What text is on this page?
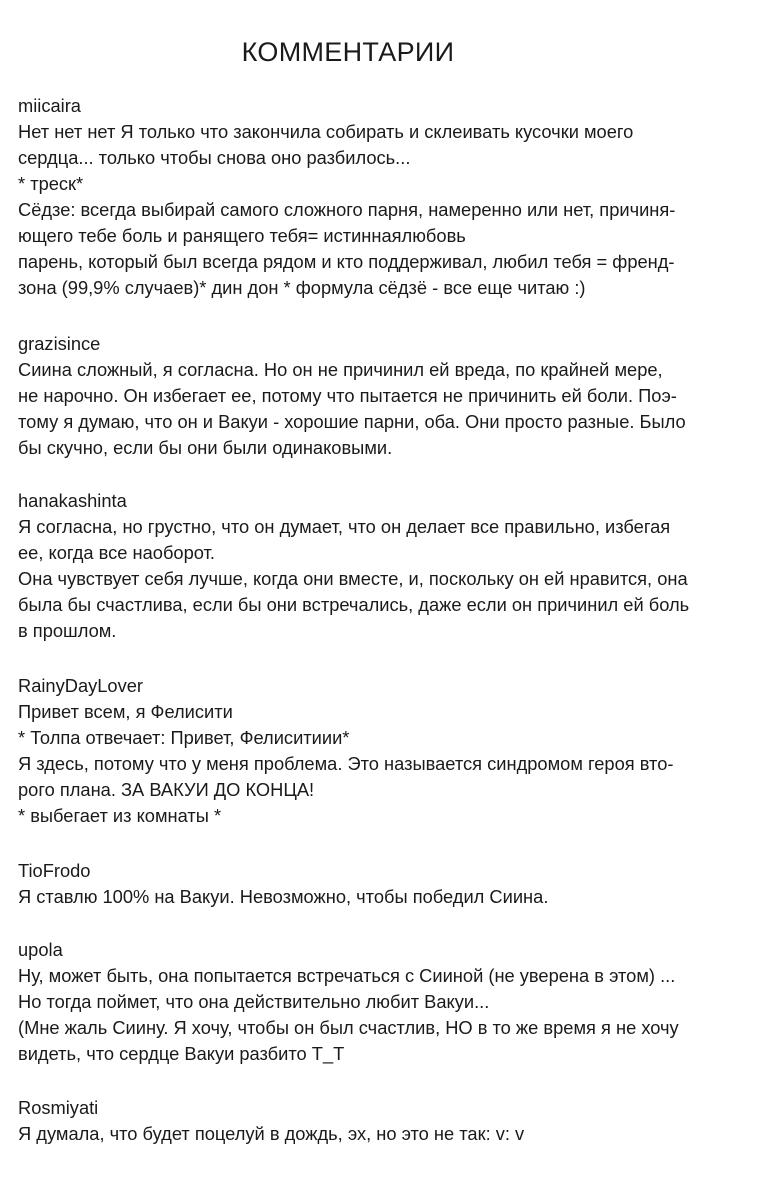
КОММЕНТАРИИ
miicaira
Нет нет нет Я только что закончила собирать и склеивать кусочки моего
сердца... только чтобы снова оно разбилось...
* треск*
Сёдзе: всегда выбирай самого сложного парня, намеренно или нет, причиня-
ющего тебе боль и ранящего тебя= истиннаялюбовь
парень, который был всегда рядом и кто поддерживал, любил тебя = френд-
зона (99,9% случаев)* дин дон * формула сёдзё - все еще читаю :)
grazisince
Сиина сложный, я согласна. Но он не причинил ей вреда, по крайней мере,
не нарочно. Он избегает ее, потому что пытается не причинить ей боли. Поэ-
тому я думаю, что он и Вакуи - хорошие парни, оба. Они просто разные. Было
бы скучно, если бы они были одинаковыми.
hanakashinta
Я согласна, но грустно, что он думает, что он делает все правильно, избегая
ее, когда все наоборот.
Она чувствует себя лучше, когда они вместе, и, поскольку он ей нравится, она
была бы счастлива, если бы они встречались, даже если он причинил ей боль
в прошлом.
RainyDayLover
Привет всем, я Фелисити
* Толпа отвечает: Привет, Фелиситиии*
Я здесь, потому что у меня проблема. Это называется синдромом героя вто-
рого плана. ЗА ВАКУИ ДО КОНЦА!
* выбегает из комнаты *
TioFrodo
Я ставлю 100% на Вакуи. Невозможно, чтобы победил Сиина.
upola
Ну, может быть, она попытается встречаться с Сииной (не уверена в этом) ...
Но тогда поймет, что она действительно любит Вакуи...
(Мне жаль Сиину. Я хочу, чтобы он был счастлив, НО в то же время я не хочу
видеть, что сердце Вакуи разбито T_T
Rosmiyati
Я думала, что будет поцелуй в дождь, эх, но это не так: v: v
